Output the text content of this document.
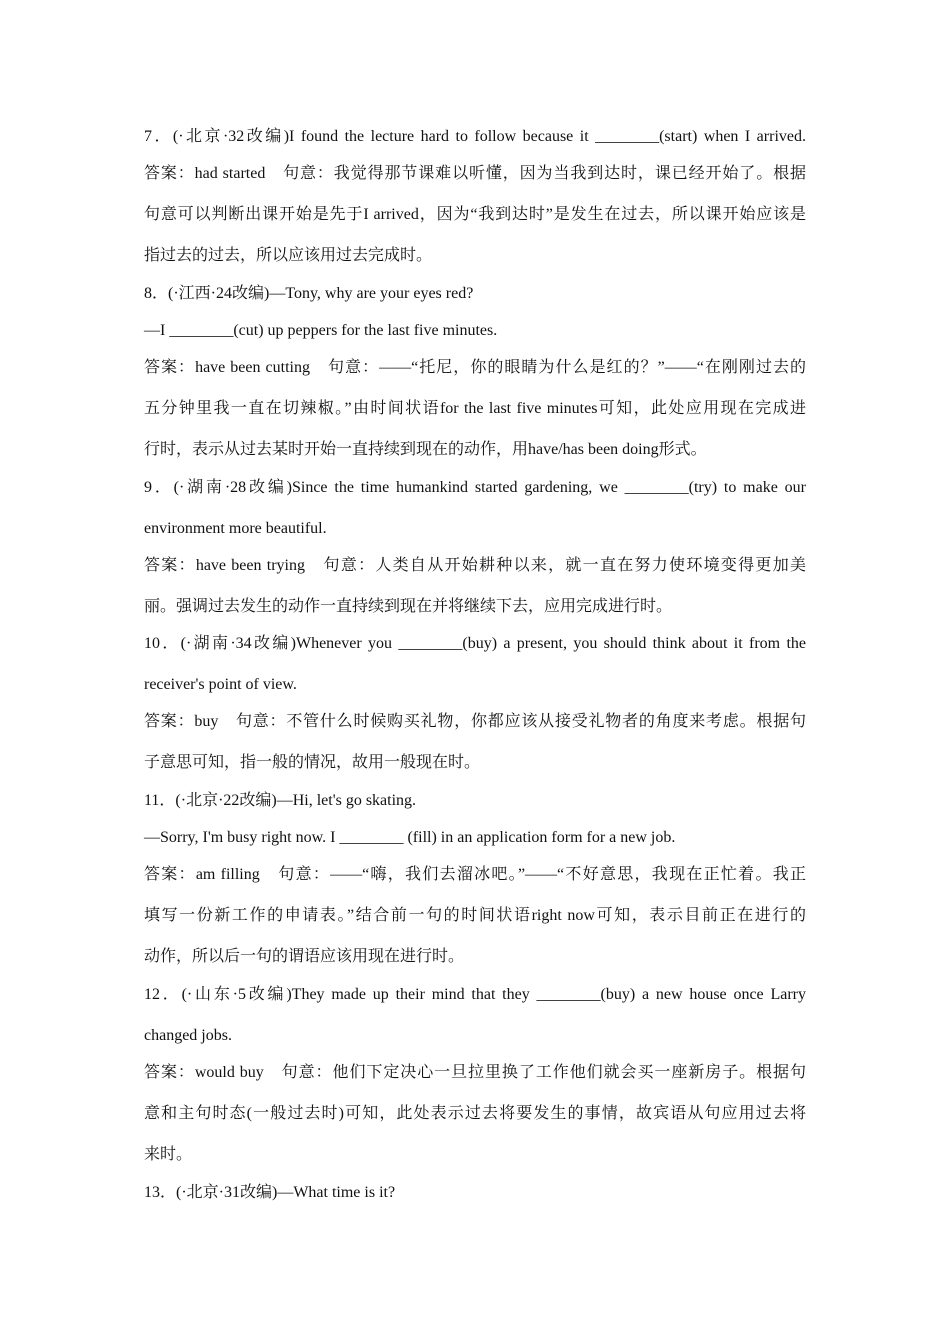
7．(·北京·32改编)I found the lecture hard to follow because it ________(start) when I arrived.
答案：had started　句意：我觉得那节课难以听懂，因为当我到达时，课已经开始了。根据
句意可以判断出课开始是先于I arrived，因为“我到达时”是发生在过去，所以课开始应该是
指过去的过去，所以应该用过去完成时。
8．(·江西·24改编)—Tony, why are your eyes red?
—I ________(cut) up peppers for the last five minutes.
答案：have been cutting　句意：——“托尼，你的眼睛为什么是红的？”——“在刚刚过去的
五分钟里我一直在切辣椒。”由时间状语for the last five minutes可知，此处应用现在完成进
行时，表示从过去某时开始一直持续到现在的动作，用have/has been doing形式。
9．(·湖南·28改编)Since the time humankind started gardening, we ________(try) to make our
environment more beautiful.
答案：have been trying　句意：人类自从开始耕种以来，就一直在努力使环境变得更加美
丽。强调过去发生的动作一直持续到现在并将继续下去，应用完成进行时。
10．(·湖南·34改编)Whenever you ________(buy) a present, you should think about it from the
receiver's point of view.
答案：buy　句意：不管什么时候购买礼物，你都应该从接受礼物者的角度来考虑。根据句
子意思可知，指一般的情况，故用一般现在时。
11．(·北京·22改编)—Hi, let's go skating.
—Sorry, I'm busy right now. I ________ (fill) in an application form for a new job.
答案：am filling　句意：——“嗨，我们去溜冰吧。”——“不好意思，我现在正忙着。我正
填写一份新工作的申请表。”结合前一句的时间状语right now可知，表示目前正在进行的
动作，所以后一句的谓语应该用现在进行时。
12．(·山东·5改编)They made up their mind that they ________(buy) a new house once Larry
changed jobs.
答案：would buy　句意：他们下定决心一旦拉里换了工作他们就会买一座新房子。根据句
意和主句时态(一般过去时)可知，此处表示过去将要发生的事情，故宾语从句应用过去将
来时。
13．(·北京·31改编)—What time is it?
